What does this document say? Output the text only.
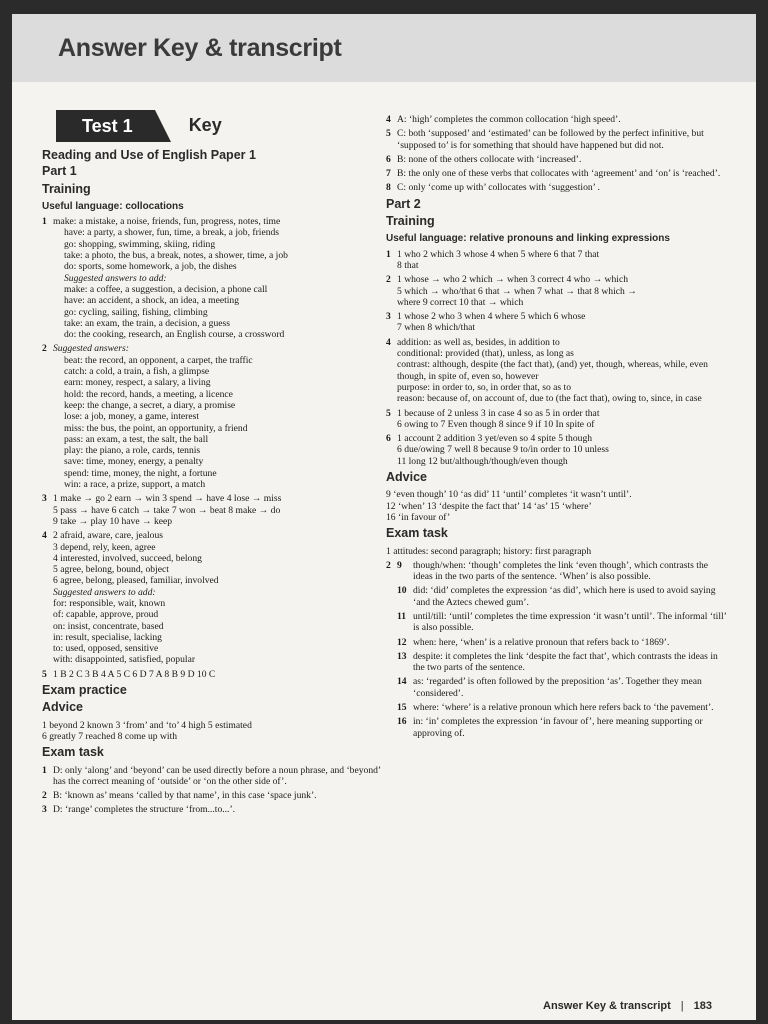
Answer Key & transcript
Test 1	Key
Reading and Use of English Paper 1
Part 1
Training
Useful language: collocations
1 make: a mistake, a noise, friends, fun, progress, notes, time
have: a party, a shower, fun, time, a break, a job, friends
go: shopping, swimming, skiing, riding
take: a photo, the bus, a break, notes, a shower, time, a job
do: sports, some homework, a job, the dishes
Suggested answers to add:
make: a coffee, a suggestion, a decision, a phone call
have: an accident, a shock, an idea, a meeting
go: cycling, sailing, fishing, climbing
take: an exam, the train, a decision, a guess
do: the cooking, research, an English course, a crossword
2 Suggested answers:
beat: the record, an opponent, a carpet, the traffic
catch: a cold, a train, a fish, a glimpse
earn: money, respect, a salary, a living
hold: the record, hands, a meeting, a licence
keep: the change, a secret, a diary, a promise
lose: a job, money, a game, interest
miss: the bus, the point, an opportunity, a friend
pass: an exam, a test, the salt, the ball
play: the piano, a role, cards, tennis
save: time, money, energy, a penalty
spend: time, money, the night, a fortune
win: a race, a prize, support, a match
3 1 make → go 2 earn → win 3 spend → have 4 lose → miss
5 pass → have 6 catch → take 7 won → beat 8 make → do
9 take → play 10 have → keep
4 2 afraid, aware, care, jealous
3 depend, rely, keen, agree
4 interested, involved, succeed, belong
5 agree, belong, bound, object
6 agree, belong, pleased, familiar, involved
Suggested answers to add:
for: responsible, wait, known
of: capable, approve, proud
on: insist, concentrate, based
in: result, specialise, lacking
to: used, opposed, sensitive
with: disappointed, satisfied, popular
5 1 B 2 C 3 B 4 A 5 C 6 D 7 A 8 B 9 D 10 C
Exam practice
Advice
1 beyond 2 known 3 ‘from’ and ‘to’ 4 high 5 estimated
6 greatly 7 reached 8 come up with
Exam task
1 D: only ‘along’ and ‘beyond’ can be used directly before a noun phrase, and ‘beyond’ has the correct meaning of ‘outside’ or ‘on the other side of’.
2 B: ‘known as’ means ‘called by that name’, in this case ‘space junk’.
3 D: ‘range’ completes the structure ‘from...to...’.
4 A: ‘high’ completes the common collocation ‘high speed’.
5 C: both ‘supposed’ and ‘estimated’ can be followed by the perfect infinitive, but ‘supposed to’ is for something that should have happened but did not.
6 B: none of the others collocate with ‘increased’.
7 B: the only one of these verbs that collocates with ‘agreement’ and ‘on’ is ‘reached’.
8 C: only ‘come up with’ collocates with ‘suggestion’ .
Part 2
Training
Useful language: relative pronouns and linking expressions
1 1 who 2 which 3 whose 4 when 5 where 6 that 7 that
8 that
2 1 whose → who 2 which → when 3 correct 4 who → which
5 which → who/that 6 that → when 7 what → that 8 which →
where 9 correct 10 that → which
3 1 whose 2 who 3 when 4 where 5 which 6 whose
7 when 8 which/that
4 addition: as well as, besides, in addition to
conditional: provided (that), unless, as long as
contrast: although, despite (the fact that), (and) yet, though, whereas, while, even though, in spite of, even so, however
purpose: in order to, so, in order that, so as to
reason: because of, on account of, due to (the fact that), owing to, since, in case
5 1 because of 2 unless 3 in case 4 so as 5 in order that
6 owing to 7 Even though 8 since 9 if 10 In spite of
6 1 account 2 addition 3 yet/even so 4 spite 5 though
6 due/owing 7 well 8 because 9 to/in order to 10 unless
11 long 12 but/although/though/even though
Advice
9 ‘even though’ 10 ‘as did’ 11 ‘until’ completes ‘it wasn’t until’.
12 ‘when’ 13 ‘despite the fact that’ 14 ‘as’ 15 ‘where’
16 ‘in favour of’
Exam task
1 attitudes: second paragraph; history: first paragraph
2 9	though/when: ‘though’ completes the link ‘even though’, which contrasts the ideas in the two parts of the sentence. ‘When’ is also possible.
10 did: ‘did’ completes the expression ‘as did’, which here is used to avoid saying ‘and the Aztecs chewed gum’.
11 until/till: ‘until’ completes the time expression ‘it wasn’t until’. The informal ‘till’ is also possible.
12 when: here, ‘when’ is a relative pronoun that refers back to ‘1869’.
13 despite: it completes the link ‘despite the fact that’, which contrasts the ideas in the two parts of the sentence.
14 as: ‘regarded’ is often followed by the preposition ‘as’. Together they mean ‘considered’.
15 where: ‘where’ is a relative pronoun which here refers back to ‘the pavement’.
16 in: ‘in’ completes the expression ‘in favour of’, here meaning supporting or approving of.
Answer Key & transcript | 183
